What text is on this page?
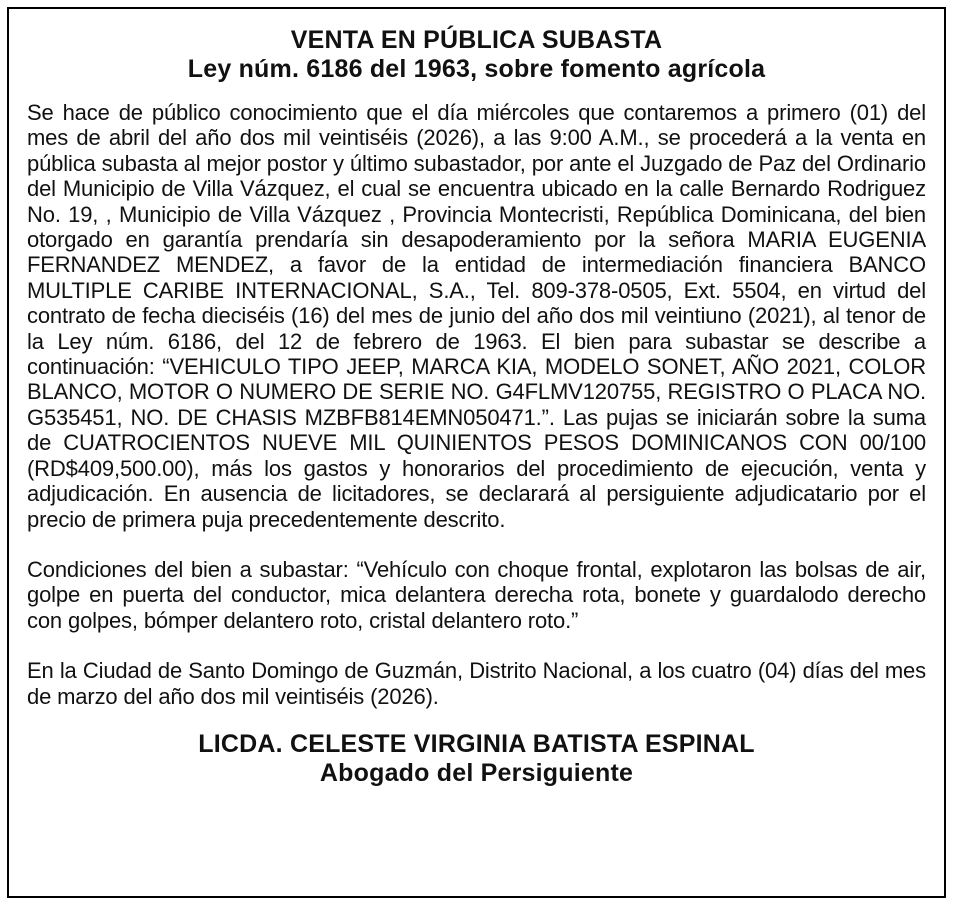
VENTA EN PÚBLICA SUBASTA
Ley núm. 6186 del 1963, sobre fomento agrícola

Se hace de público conocimiento que el día miércoles que contaremos a primero (01) del mes de abril del año dos mil veintiséis (2026), a las 9:00 A.M., se procederá a la venta en pública subasta al mejor postor y último subastador, por ante el Juzgado de Paz del Ordinario del Municipio de Villa Vázquez, el cual se encuentra ubicado en la calle Bernardo Rodriguez No. 19, , Municipio de Villa Vázquez , Provincia Montecristi, República Dominicana, del bien otorgado en garantía prendaría sin desapoderamiento por la señora MARIA EUGENIA FERNANDEZ MENDEZ, a favor de la entidad de intermediación financiera BANCO MULTIPLE CARIBE INTERNACIONAL, S.A., Tel. 809-378-0505, Ext. 5504, en virtud del contrato de fecha dieciséis (16) del mes de junio del año dos mil veintiuno (2021), al tenor de la Ley núm. 6186, del 12 de febrero de 1963. El bien para subastar se describe a continuación: “VEHICULO TIPO JEEP, MARCA KIA, MODELO SONET, AÑO 2021, COLOR BLANCO, MOTOR O NUMERO DE SERIE NO. G4FLMV120755, REGISTRO O PLACA NO. G535451, NO. DE CHASIS MZBFB814EMN050471.”. Las pujas se iniciarán sobre la suma de CUATROCIENTOS NUEVE MIL QUINIENTOS PESOS DOMINICANOS CON 00/100 (RD$409,500.00), más los gastos y honorarios del procedimiento de ejecución, venta y adjudicación. En ausencia de licitadores, se declarará al persiguiente adjudicatario por el precio de primera puja precedentemente descrito.

Condiciones del bien a subastar: “Vehículo con choque frontal, explotaron las bolsas de air, golpe en puerta del conductor, mica delantera derecha rota, bonete y guardalodo derecho con golpes, bómper delantero roto, cristal delantero roto.”

En la Ciudad de Santo Domingo de Guzmán, Distrito Nacional, a los cuatro (04) días del mes de marzo del año dos mil veintiséis (2026).

LICDA. CELESTE VIRGINIA BATISTA ESPINAL
Abogado del Persiguiente
